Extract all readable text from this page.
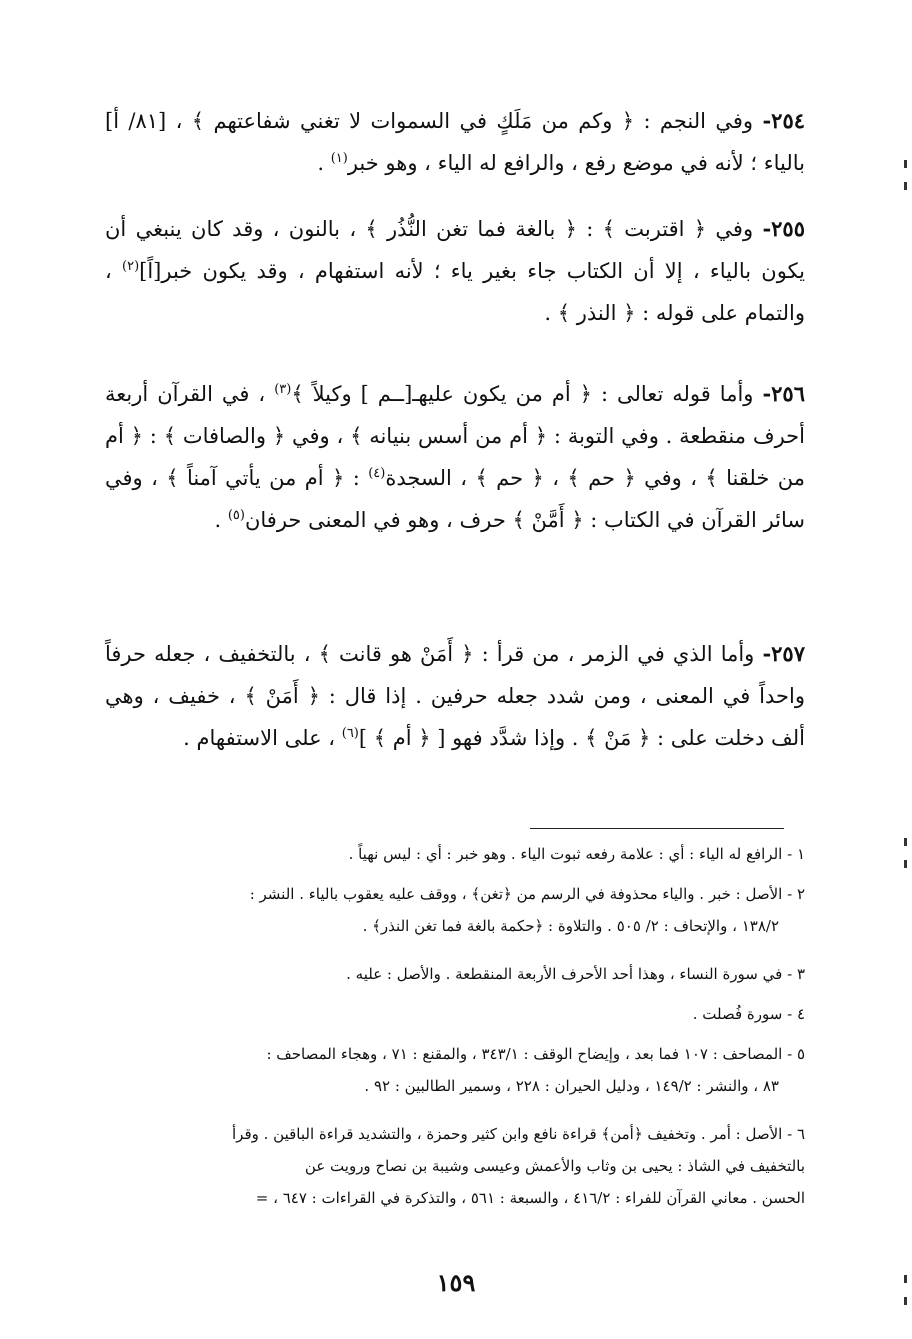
٢٥٤- وفي النجم : ﴿ وكم من مَلَكٍ في السموات لا تغني شفاعتهم ﴾ ، [٨١/ أ] بالياء ؛ لأنه في موضع رفع ، والرافع له الياء ، وهو خبر$^{(١)}$ .
٢٥٥- وفي ﴿ اقتربت ﴾ : ﴿ بالغة فما تغن النُّذُر ﴾ ، بالنون ، وقد كان ينبغي أن يكون بالياء ، إلا أن الكتاب جاء بغير ياء ؛ لأنه استفهام ، وقد يكون خبر[اً]$^{(٢)}$ ، والتمام على قوله : ﴿ النذر ﴾ .
٢٥٦- وأما قوله تعالى : ﴿ أم من يكون عليهـ[ــم ] وكيلاً ﴾$^{(٣)}$ ، في القرآن أربعة أحرف منقطعة . وفي التوبة : ﴿ أم من أسس بنيانه ﴾ ، وفي ﴿ والصافات ﴾ : ﴿ أم من خلقنا ﴾ ، وفي ﴿ حم ﴾ ، ﴿ حم ﴾ ، السجدة$^{(٤)}$ : ﴿ أم من يأتي آمناً ﴾ ، وفي سائر القرآن في الكتاب : ﴿ أَمَّنْ ﴾ حرف ، وهو في المعنى حرفان$^{(٥)}$ .
٢٥٧- وأما الذي في الزمر ، من قرأ : ﴿ أَمَنْ هو قانت ﴾ ، بالتخفيف ، جعله حرفاً واحداً في المعنى ، ومن شدد جعله حرفين . إذا قال : ﴿ أَمَنْ ﴾ ، خفيف ، وهي ألف دخلت على : ﴿ مَنْ ﴾ . وإذا شدَّد فهو [ ﴿ أم ﴾ ]$^{(٦)}$ ، على الاستفهام .
١ - الرافع له الياء : أي : علامة رفعه ثبوت الياء . وهو خبر : أي : ليس نهياً .
٢ - الأصل : خبر . والياء محذوفة في الرسم من ﴿تغن﴾ ، ووقف عليه يعقوب بالياء . النشر :
١٣٨/٢ ، والإتحاف : ٢/ ٥٠٥ . والتلاوة : ﴿حكمة بالغة فما تغن النذر﴾ .
٣ - في سورة النساء ، وهذا أحد الأحرف الأربعة المنقطعة . والأصل : عليه .
٤ - سورة فُصلت .
٥ - المصاحف : ١٠٧ فما بعد ، وإيضاح الوقف : ٣٤٣/١ ، والمقنع : ٧١ ، وهجاء المصاحف :
٨٣ ، والنشر : ١٤٩/٢ ، ودليل الحيران : ٢٢٨ ، وسمير الطالبين : ٩٢ .
٦ - الأصل : أمر . وتخفيف ﴿أمن﴾ قراءة نافع وابن كثير وحمزة ، والتشديد قراءة الباقين . وقرأ
بالتخفيف في الشاذ : يحيى بن وثاب والأعمش وعيسى وشيبة بن نصاح ورويت عن
الحسن . معاني القرآن للفراء : ٤١٦/٢ ، والسبعة : ٥٦١ ، والتذكرة في القراءات : ٦٤٧ ، =
١٥٩
